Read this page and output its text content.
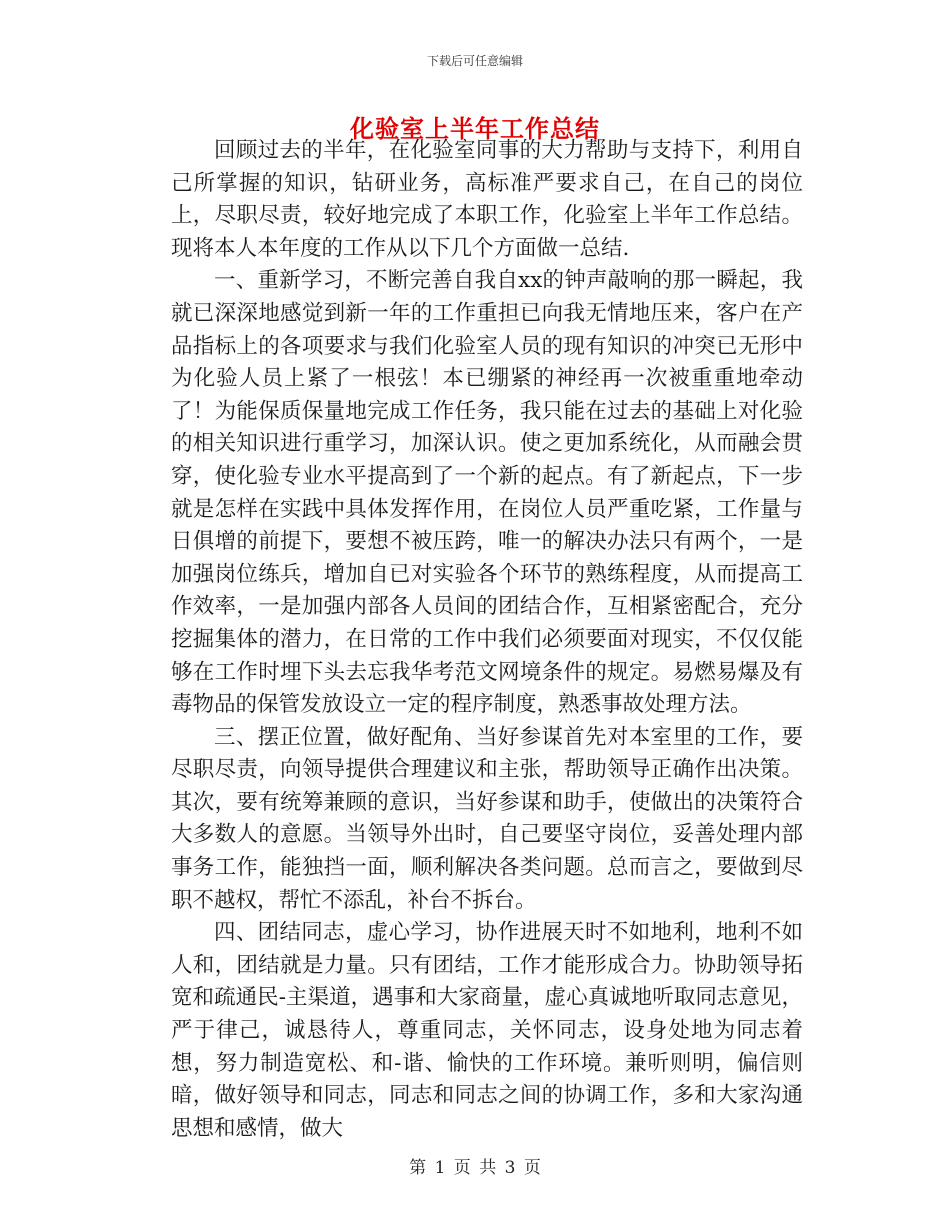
下载后可任意编辑
化验室上半年工作总结

回顾过去的半年，在化验室同事的大力帮助与支持下，利用自己所掌握的知识，钻研业务，高标准严要求自己，在自己的岗位上，尽职尽责，较好地完成了本职工作，化验室上半年工作总结。现将本人本年度的工作从以下几个方面做一总结.

一、重新学习，不断完善自我自xx的钟声敲响的那一瞬起，我就已深深地感觉到新一年的工作重担已向我无情地压来，客户在产品指标上的各项要求与我们化验室人员的现有知识的冲突已无形中为化验人员上紧了一根弦！本已绷紧的神经再一次被重重地牵动了！为能保质保量地完成工作任务，我只能在过去的基础上对化验的相关知识进行重学习，加深认识。使之更加系统化，从而融会贯穿，使化验专业水平提高到了一个新的起点。有了新起点，下一步就是怎样在实践中具体发挥作用，在岗位人员严重吃紧，工作量与日俱增的前提下，要想不被压跨，唯一的解决办法只有两个，一是加强岗位练兵，增加自已对实验各个环节的熟练程度，从而提高工作效率，一是加强内部各人员间的团结合作，互相紧密配合，充分挖掘集体的潜力，在日常的工作中我们必须要面对现实，不仅仅能够在工作时埋下头去忘我华考范文网境条件的规定。易燃易爆及有毒物品的保管发放设立一定的程序制度，熟悉事故处理方法。

三、摆正位置，做好配角、当好参谋首先对本室里的工作，要尽职尽责，向领导提供合理建议和主张，帮助领导正确作出决策。其次，要有统筹兼顾的意识，当好参谋和助手，使做出的决策符合大多数人的意愿。当领导外出时，自己要坚守岗位，妥善处理内部事务工作，能独挡一面，顺利解决各类问题。总而言之，要做到尽职不越权，帮忙不添乱，补台不拆台。

四、团结同志，虚心学习，协作进展天时不如地利，地利不如人和，团结就是力量。只有团结，工作才能形成合力。协助领导拓宽和疏通民-主渠道，遇事和大家商量，虚心真诚地听取同志意见，严于律己，诚恳待人，尊重同志，关怀同志，设身处地为同志着想，努力制造宽松、和-谐、愉快的工作环境。兼听则明，偏信则暗，做好领导和同志，同志和同志之间的协调工作，多和大家沟通思想和感情，做大

第 1 页 共 3 页
